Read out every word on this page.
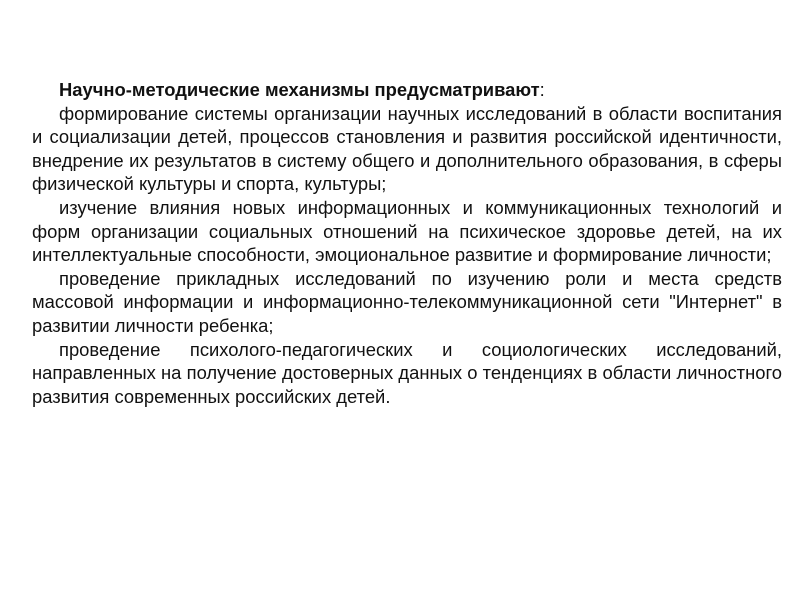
Научно-методические механизмы предусматривают:

формирование системы организации научных исследований в области воспитания и социализации детей, процессов становления и развития российской идентичности, внедрение их результатов в систему общего и дополнительного образования, в сферы физической культуры и спорта, культуры;

изучение влияния новых информационных и коммуникационных технологий и форм организации социальных отношений на психическое здоровье детей, на их интеллектуальные способности, эмоциональное развитие и формирование личности;

проведение прикладных исследований по изучению роли и места средств массовой информации и информационно-телекоммуникационной сети "Интернет" в развитии личности ребенка;

проведение психолого-педагогических и социологических исследований, направленных на получение достоверных данных о тенденциях в области личностного развития современных российских детей.
